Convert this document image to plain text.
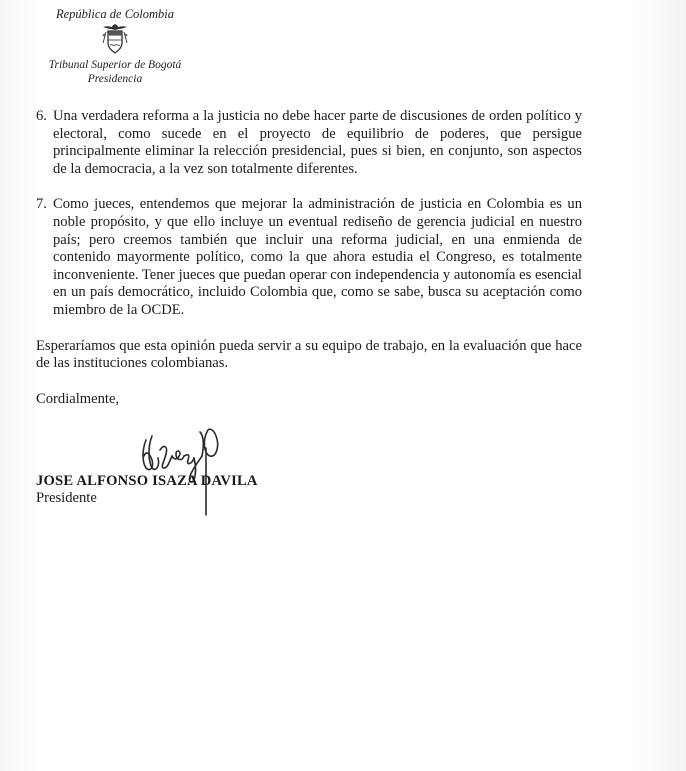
República de Colombia
Tribunal Superior de Bogotá
Presidencia
6. Una verdadera reforma a la justicia no debe hacer parte de discusiones de orden político y electoral, como sucede en el proyecto de equilibrio de poderes, que persigue principalmente eliminar la relección presidencial, pues si bien, en conjunto, son aspectos de la democracia, a la vez son totalmente diferentes.
7. Como jueces, entendemos que mejorar la administración de justicia en Colombia es un noble propósito, y que ello incluye un eventual rediseño de gerencia judicial en nuestro país; pero creemos también que incluir una reforma judicial, en una enmienda de contenido mayormente político, como la que ahora estudia el Congreso, es totalmente inconveniente. Tener jueces que puedan operar con independencia y autonomía es esencial en un país democrático, incluido Colombia que, como se sabe, busca su aceptación como miembro de la OCDE.

Esperaríamos que esta opinión pueda servir a su equipo de trabajo, en la evaluación que hace de las instituciones colombianas.

Cordialmente,

JOSE ALFONSO ISAZA DAVILA
Presidente
